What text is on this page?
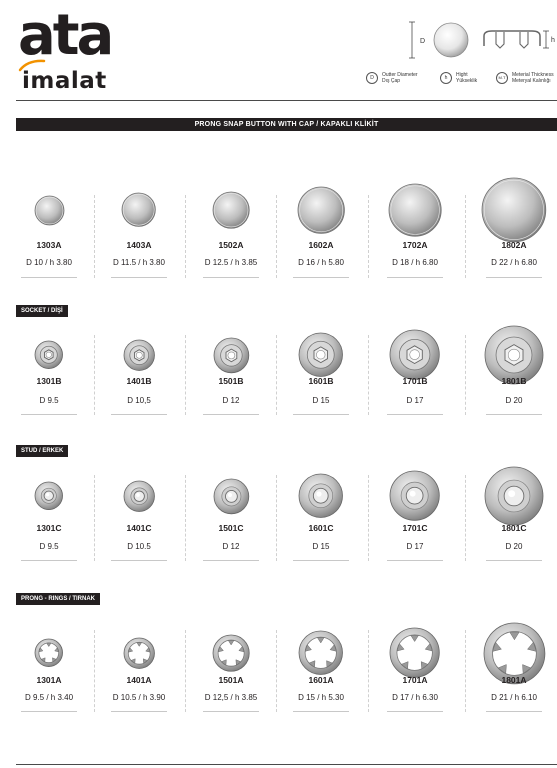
ata
imalat
D	h
D	Outter Diameter
Dış Çap	h	Hight
Yükseklik
M.T	Meterial Thickness
Meteryal Kalınlığı
PRONG SNAP BUTTON WITH CAP / KAPAKLI KLİKİT
SOCKET / DİŞİ
STUD / ERKEK
PRONG - RINGS / TIRNAK
1303A
D 10 / h 3.80
1403A
D 11.5 / h 3.80
1502A
D 12.5 / h 3.85
1602A
D 16 / h 5.80
1702A
D 18 / h 6.80
1802A
D 22 / h 6.80
1301B
D 9.5
1401B
D 10,5
1501B
D 12
1601B
D 15
1701B
D 17
1801B
D 20
1301C
D 9.5
1401C
D 10.5
1501C
D 12
1601C
D 15
1701C
D 17
1801C
D 20
1301A
D 9.5 / h 3.40
1401A
D 10.5 / h 3.90
1501A
D 12,5 / h 3.85
1601A
D 15 / h 5.30
1701A
D 17 / h 6.30
1801A
D 21 / h 6.10
